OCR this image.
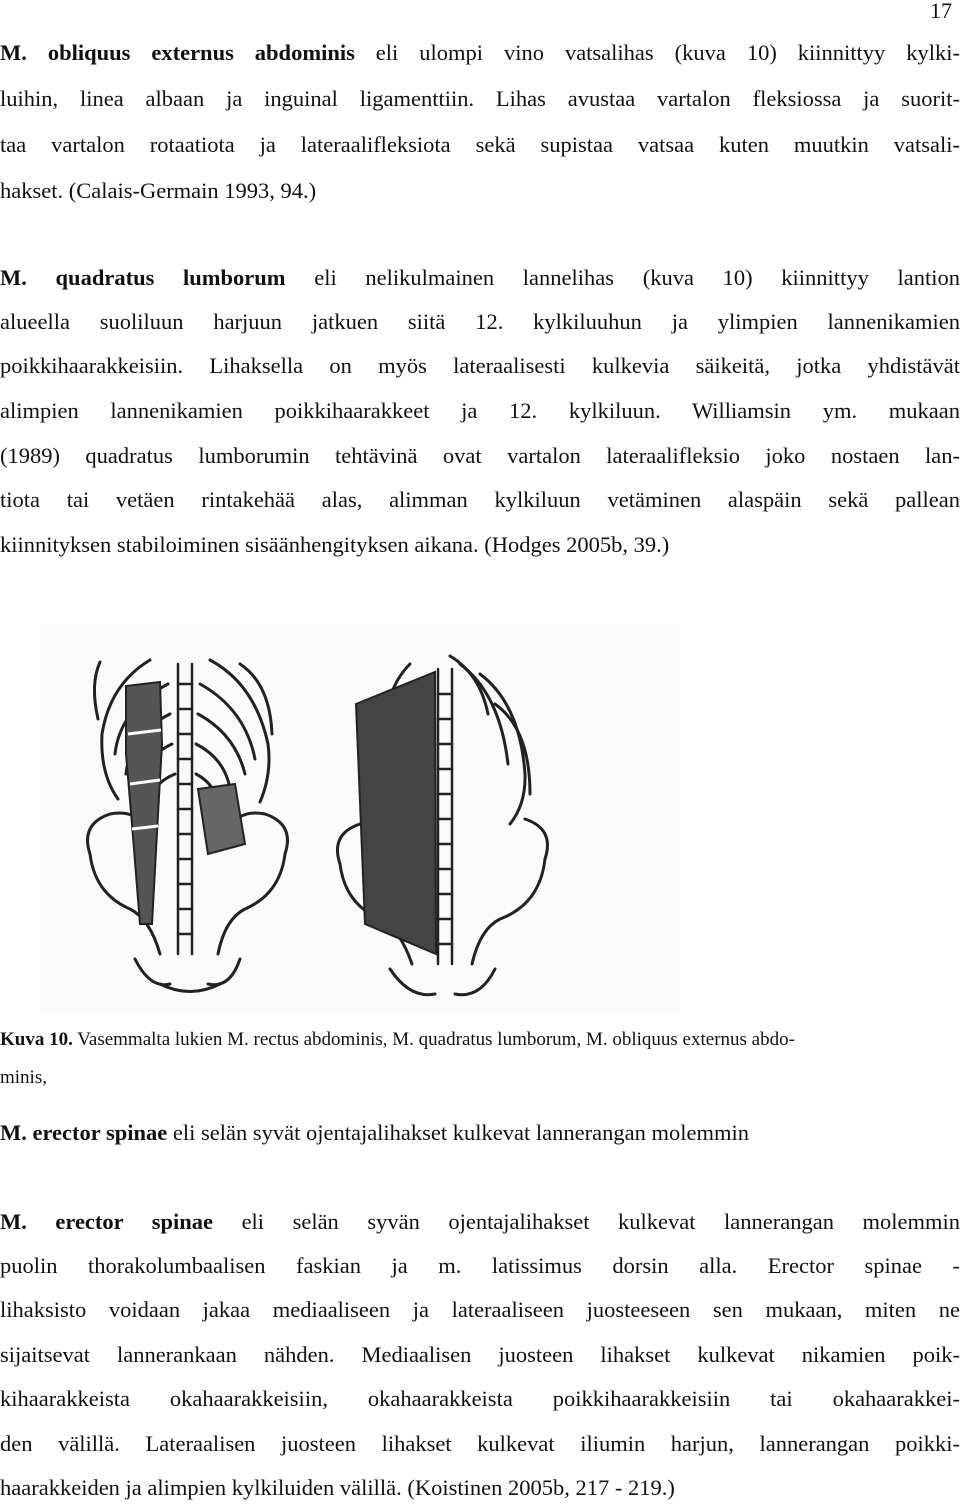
17
M. obliquus externus abdominis eli ulompi vino vatsalihas (kuva 10) kiinnittyy kylki-
luihin, linea albaan ja inguinal ligamenttiin. Lihas avustaa vartalon fleksiossa ja suorit-
taa vartalon rotaatiota ja lateraalifleksiota sekä supistaa vatsaa kuten muutkin vatsali-
hakset. (Calais-Germain 1993, 94.)
M. quadratus lumborum eli nelikulmainen lannelihas (kuva 10) kiinnittyy lantion
alueella suoliluun harjuun jatkuen siitä 12. kylkiluuhun ja ylimpien lannenikamien
poikkihaarakkeisiin. Lihaksella on myös lateraalisesti kulkevia säikeitä, jotka yhdistävät
alimpien lannenikamien poikkihaarakkeet ja 12. kylkiluun. Williamsin ym. mukaan
(1989) quadratus lumborumin tehtävinä ovat vartalon lateraalifleksio joko nostaen lan-
tiota tai vetäen rintakehää alas, alimman kylkiluun vetäminen alaspäin sekä pallean
kiinnityksen stabiloiminen sisäänhengityksen aikana. (Hodges 2005b, 39.)
Kuva 10. Vasemmalta lukien M. rectus abdominis, M. quadratus lumborum, M. obliquus externus abdo-
minis,
M. erector spinae eli selän syvät ojentajalihakset kulkevat lannerangan molemmin
M. erector spinae eli selän syvän ojentajalihakset kulkevat lannerangan molemmin
puolin thorakolumbaalisen faskian ja m. latissimus dorsin alla. Erector spinae -
lihaksisto voidaan jakaa mediaaliseen ja lateraaliseen juosteeseen sen mukaan, miten ne
sijaitsevat lannerankaan nähden. Mediaalisen juosteen lihakset kulkevat nikamien poik-
kihaarakkeista okahaarakkeisiin, okahaarakkeista poikkihaarakkeisiin tai okahaarakkei-
den välillä. Lateraalisen juosteen lihakset kulkevat iliumin harjun, lannerangan poikki-
haarakkeiden ja alimpien kylkiluiden välillä. (Koistinen 2005b, 217 - 219.)
